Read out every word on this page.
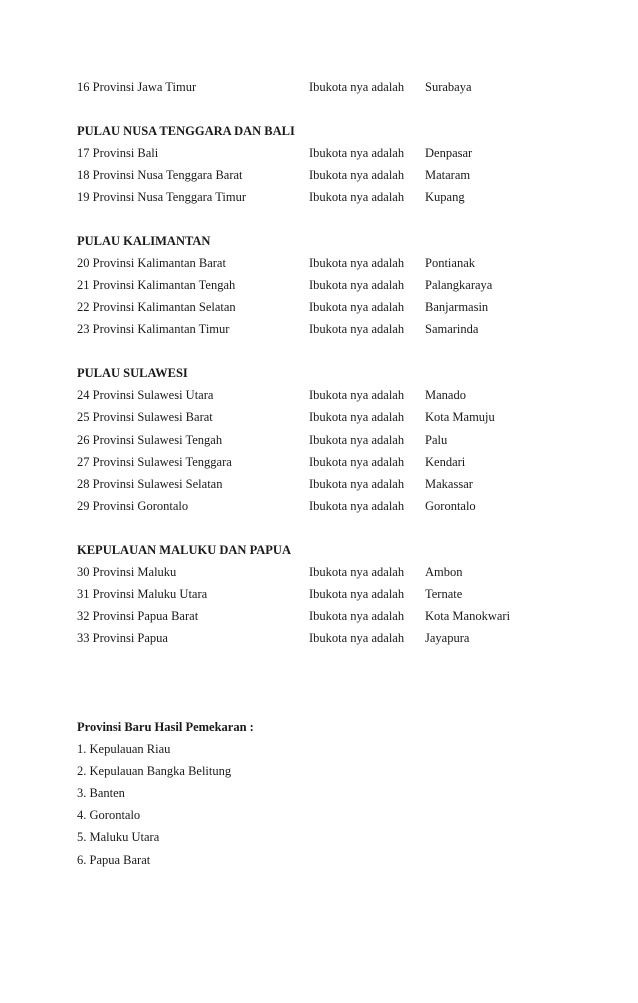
16 Provinsi Jawa Timur	Ibukota nya adalah Surabaya
PULAU NUSA TENGGARA DAN BALI
17 Provinsi Bali	Ibukota nya adalah Denpasar
18 Provinsi Nusa Tenggara Barat	Ibukota nya adalah Mataram
19 Provinsi Nusa Tenggara Timur	Ibukota nya adalah Kupang
PULAU KALIMANTAN
20 Provinsi Kalimantan Barat	Ibukota nya adalah Pontianak
21 Provinsi Kalimantan Tengah	Ibukota nya adalah Palangkaraya
22 Provinsi Kalimantan Selatan	Ibukota nya adalah Banjarmasin
23 Provinsi Kalimantan Timur	Ibukota nya adalah Samarinda
PULAU SULAWESI
24 Provinsi Sulawesi Utara	Ibukota nya adalah Manado
25 Provinsi Sulawesi Barat	Ibukota nya adalah Kota Mamuju
26 Provinsi Sulawesi Tengah	Ibukota nya adalah Palu
27 Provinsi Sulawesi Tenggara	Ibukota nya adalah Kendari
28 Provinsi Sulawesi Selatan	Ibukota nya adalah Makassar
29 Provinsi Gorontalo	Ibukota nya adalah Gorontalo
KEPULAUAN MALUKU DAN PAPUA
30 Provinsi Maluku	Ibukota nya adalah Ambon
31 Provinsi Maluku Utara	Ibukota nya adalah Ternate
32 Provinsi Papua Barat	Ibukota nya adalah Kota Manokwari
33 Provinsi Papua	Ibukota nya adalah Jayapura
Provinsi Baru Hasil Pemekaran :
1. Kepulauan Riau
2. Kepulauan Bangka Belitung
3. Banten
4. Gorontalo
5. Maluku Utara
6. Papua Barat
